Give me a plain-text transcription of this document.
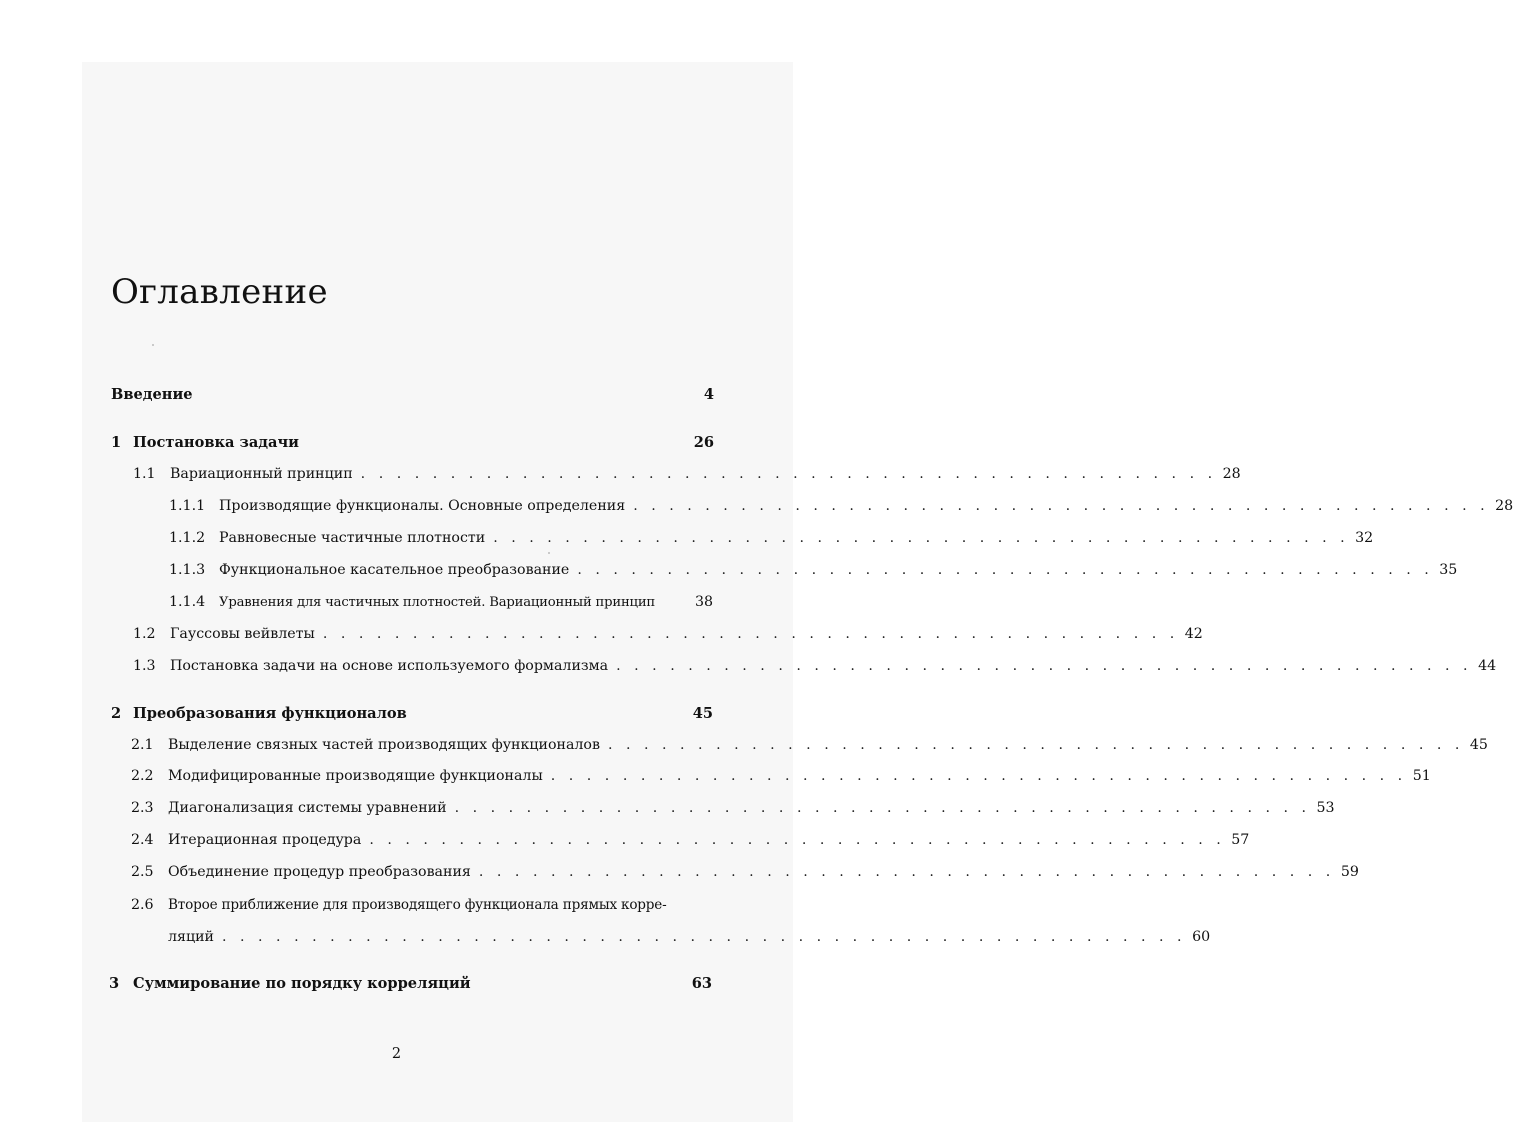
Оглавление
Введение	4
1 Постановка задачи	26
1.1	Вариационный принцип . . . . . . . . . . . . . . . . . . . . . . . . . . . . . . . . . . . . . . . . . . . . . . . . 28
1.1.1 Производящие функционалы. Основные определения . . . . . . . . . . . . . . . . . . . . . . . . . . . . . . . . . . . . . . . . . . . . . . . . 28
1.1.2 Равновесные частичные плотности . . . . . . . . . . . . . . . . . . . . . . . . . . . . . . . . . . . . . . . . . . . . . . . . 32
1.1.3 Функциональное касательное преобразование . . . . . . . . . . . . . . . . . . . . . . . . . . . . . . . . . . . . . . . . . . . . . . . . 35
1.1.4	Уравнения для частичных плотностей. Вариационный принцип	38
1.2	Гауссовы вейвлеты . . . . . . . . . . . . . . . . . . . . . . . . . . . . . . . . . . . . . . . . . . . . . . . . 42
1.3	Постановка задачи на основе используемого формализма . . . . . . . . . . . . . . . . . . . . . . . . . . . . . . . . . . . . . . . . . . . . . . . . 44
2 Преобразования функционалов	45
2.1	Выделение связных частей производящих функционалов . . . . . . . . . . . . . . . . . . . . . . . . . . . . . . . . . . . . . . . . . . . . . . . . 45
2.2	Модифицированные производящие функционалы . . . . . . . . . . . . . . . . . . . . . . . . . . . . . . . . . . . . . . . . . . . . . . . . 51
2.3	Диагонализация системы уравнений . . . . . . . . . . . . . . . . . . . . . . . . . . . . . . . . . . . . . . . . . . . . . . . . 53
2.4	Итерационная процедура . . . . . . . . . . . . . . . . . . . . . . . . . . . . . . . . . . . . . . . . . . . . . . . . 57
2.5	Объединение процедур преобразования . . . . . . . . . . . . . . . . . . . . . . . . . . . . . . . . . . . . . . . . . . . . . . . . 59
2.6	Второе приближение для производящего функционала прямых корре-
ляций . . . . . . . . . . . . . . . . . . . . . . . . . . . . . . . . . . . . . . . . . . . . . . . . . . . . . . 60
3 Суммирование по порядку корреляций	63
2
